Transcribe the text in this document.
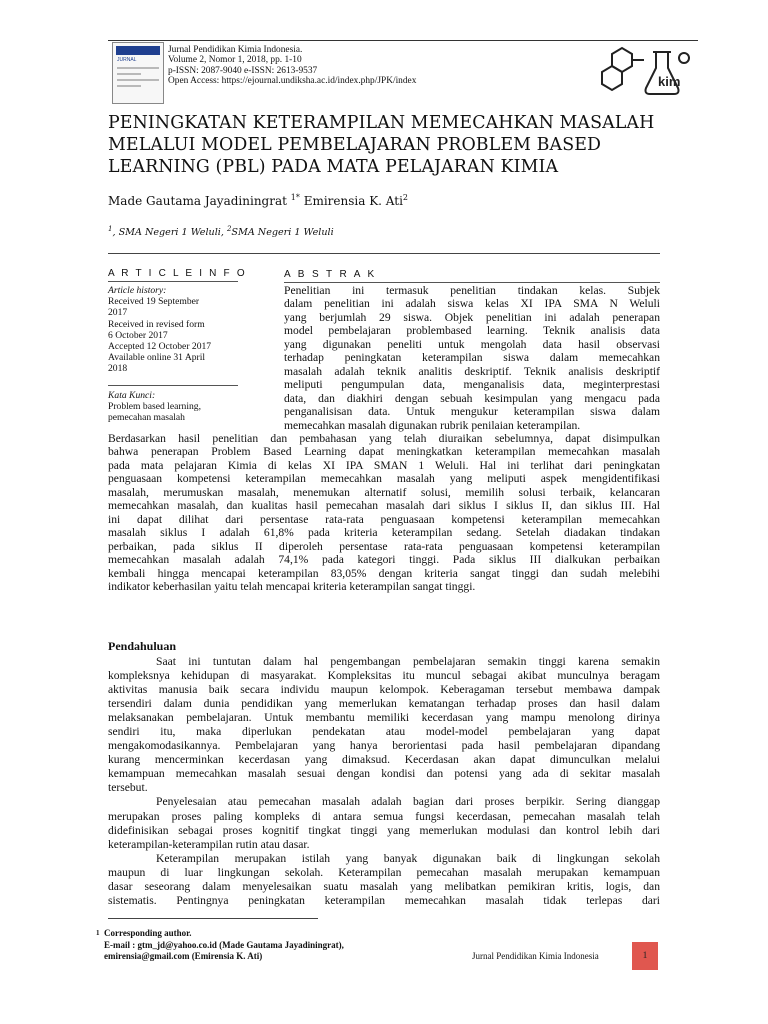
JURNAL
Jurnal Pendidikan Kimia Indonesia.
Volume 2, Nomor 1, 2018, pp. 1-10
p-ISSN: 2087-9040 e-ISSN: 2613-9537
Open Access: https://ejournal.undiksha.ac.id/index.php/JPK/index	kim
PENINGKATAN KETERAMPILAN MEMECAHKAN MASALAH
MELALUI MODEL PEMBELAJARAN PROBLEM BASED
LEARNING (PBL) PADA MATA PELAJARAN KIMIA
Made Gautama Jayadiningrat $^{1*}$ Emirensia K. Ati$^2$
$^1$, SMA Negeri 1 Weluli, $^2$SMA Negeri 1 Weluli
A R T I C L E I N F O
Article history:
Received 19 September
2017
Received in revised form
6 October 2017
Accepted 12 October 2017
Available online 31 April
2018
Kata Kunci:
Problem based learning,
pemecahan masalah
A B S T R A K
Penelitian ini termasuk penelitian tindakan kelas. Subjek
dalam penelitian ini adalah siswa kelas XI IPA SMA N Weluli
yang berjumlah 29 siswa. Objek penelitian ini adalah penerapan
model pembelajaran problembased learning. Teknik analisis data
yang digunakan peneliti untuk mengolah data hasil observasi
terhadap peningkatan keterampilan siswa dalam memecahkan
masalah adalah teknik analitis deskriptif. Teknik analisis deskriptif
meliputi pengumpulan data, menganalisis data, meginterprestasi
data, dan diakhiri dengan sebuah kesimpulan yang mengacu pada
penganalisisan data. Untuk mengukur keterampilan siswa dalam
memecahkan masalah digunakan rubrik penilaian keterampilan.
Berdasarkan hasil penelitian dan pembahasan yang telah diuraikan sebelumnya, dapat disimpulkan
bahwa penerapan Problem Based Learning dapat meningkatkan keterampilan memecahkan masalah
pada mata pelajaran Kimia di kelas XI IPA SMAN 1 Weluli. Hal ini terlihat dari peningkatan
penguasaan kompetensi keterampilan memecahkan masalah yang meliputi aspek mengidentifikasi
masalah, merumuskan masalah, menemukan alternatif solusi, memilih solusi terbaik, kelancaran
memecahkan masalah, dan kualitas hasil pemecahan masalah dari siklus I siklus II, dan siklus III. Hal
ini dapat dilihat dari persentase rata-rata penguasaan kompetensi keterampilan memecahkan
masalah siklus I adalah 61,8% pada kriteria keterampilan sedang. Setelah diadakan tindakan
perbaikan, pada siklus II diperoleh persentase rata-rata penguasaan kompetensi keterampilan
memecahkan masalah adalah 74,1% pada kategori tinggi. Pada siklus III dialkukan perbaikan
kembali hingga mencapai keterampilan 83,05% dengan kriteria sangat tinggi dan sudah melebihi
indikator keberhasilan yaitu telah mencapai kriteria keterampilan sangat tinggi.
Pendahuluan
Saat ini tuntutan dalam hal pengembangan pembelajaran semakin tinggi karena semakin
kompleksnya kehidupan di masyarakat. Kompleksitas itu muncul sebagai akibat munculnya beragam
aktivitas manusia baik secara individu maupun kelompok. Keberagaman tersebut membawa dampak
tersendiri dalam dunia pendidikan yang memerlukan kematangan terhadap proses dan hasil dalam
melaksanakan pembelajaran. Untuk membantu memiliki kecerdasan yang mampu menolong dirinya
sendiri itu, maka diperlukan pendekatan atau model-model pembelajaran yang dapat
mengakomodasikannya. Pembelajaran yang hanya berorientasi pada hasil pembelajaran dipandang
kurang mencerminkan kecerdasan yang dimaksud. Kecerdasan akan dapat dimunculkan melalui
kemampuan memecahkan masalah sesuai dengan kondisi dan potensi yang ada di sekitar masalah
tersebut.
Penyelesaian atau pemecahan masalah adalah bagian dari proses berpikir. Sering dianggap
merupakan proses paling kompleks di antara semua fungsi kecerdasan, pemecahan masalah telah
didefinisikan sebagai proses kognitif tingkat tinggi yang memerlukan modulasi dan kontrol lebih dari
keterampilan-keterampilan rutin atau dasar.
Keterampilan merupakan istilah yang banyak digunakan baik di lingkungan sekolah
maupun di luar lingkungan sekolah. Keterampilan pemecahan masalah merupakan kemampuan
dasar seseorang dalam menyelesaikan suatu masalah yang melibatkan pemikiran kritis, logis, dan
sistematis. Pentingnya peningkatan keterampilan memecahkan masalah tidak terlepas dari
$^1$ Corresponding author.
E-mail : gtm_jd@yahoo.co.id (Made Gautama Jayadiningrat),
emirensia@gmail.com (Emirensia K. Ati)	Jurnal Pendidikan Kimia Indonesia	1
